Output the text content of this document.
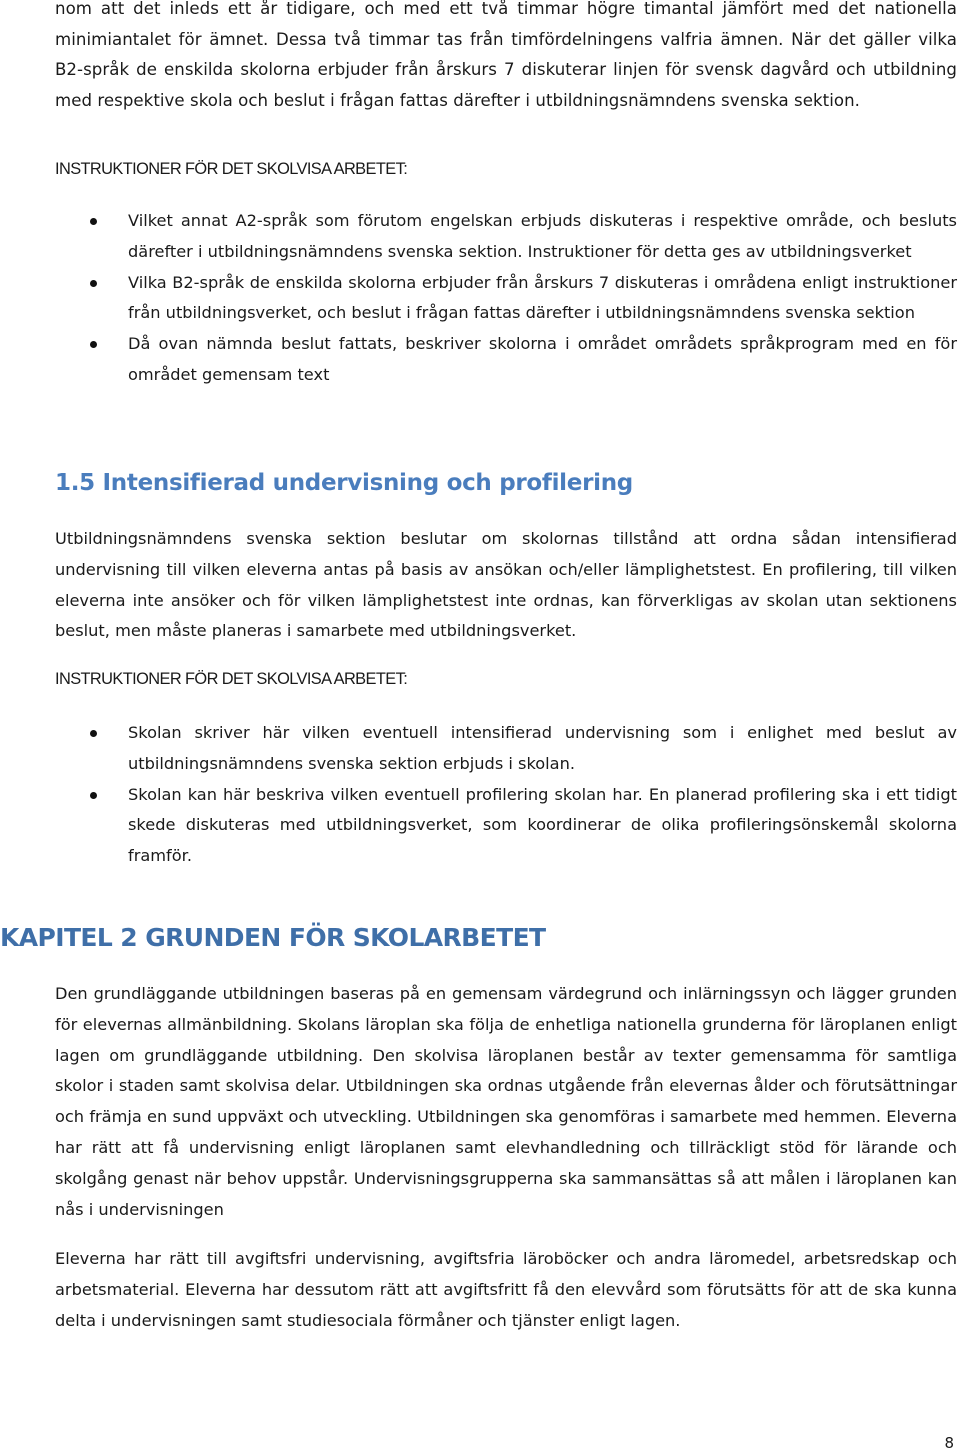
nom att det inleds ett år tidigare, och med ett två timmar högre timantal jämfört med det nationella minimiantalet för ämnet. Dessa två timmar tas från timfördelningens valfria ämnen. När det gäller vilka B2-språk de enskilda skolorna erbjuder från årskurs 7 diskuterar linjen för svensk dagvård och utbildning med respektive skola och beslut i frågan fattas därefter i utbildningsnämndens svenska sektion.

INSTRUKTIONER FÖR DET SKOLVISA ARBETET:

Vilket annat A2-språk som förutom engelskan erbjuds diskuteras i respektive område, och besluts därefter i utbildningsnämndens svenska sektion. Instruktioner för detta ges av utbildningsverket
Vilka B2-språk de enskilda skolorna erbjuder från årskurs 7 diskuteras i områdena enligt instruktioner från utbildningsverket, och beslut i frågan fattas därefter i utbildningsnämndens svenska sektion
Då ovan nämnda beslut fattats, beskriver skolorna i området områdets språkprogram med en för området gemensam text
1.5 Intensifierad undervisning och profilering

Utbildningsnämndens svenska sektion beslutar om skolornas tillstånd att ordna sådan intensifierad undervisning till vilken eleverna antas på basis av ansökan och/eller lämplighetstest. En profilering, till vilken eleverna inte ansöker och för vilken lämplighetstest inte ordnas, kan förverkligas av skolan utan sektionens beslut, men måste planeras i samarbete med utbildningsverket.

INSTRUKTIONER FÖR DET SKOLVISA ARBETET:

Skolan skriver här vilken eventuell intensifierad undervisning som i enlighet med beslut av utbildningsnämndens svenska sektion erbjuds i skolan.
Skolan kan här beskriva vilken eventuell profilering skolan har. En planerad profilering ska i ett tidigt skede diskuteras med utbildningsverket, som koordinerar de olika profileringsönskemål skolorna framför.
KAPITEL 2 GRUNDEN FÖR SKOLARBETET

Den grundläggande utbildningen baseras på en gemensam värdegrund och inlärningssyn och lägger grunden för elevernas allmänbildning. Skolans läroplan ska följa de enhetliga nationella grunderna för läroplanen enligt lagen om grundläggande utbildning. Den skolvisa läroplanen består av texter gemensamma för samtliga skolor i staden samt skolvisa delar. Utbildningen ska ordnas utgående från elevernas ålder och förutsättningar och främja en sund uppväxt och utveckling. Utbildningen ska genomföras i samarbete med hemmen. Eleverna har rätt att få undervisning enligt läroplanen samt elevhandledning och tillräckligt stöd för lärande och skolgång genast när behov uppstår. Undervisningsgrupperna ska sammansättas så att målen i läroplanen kan nås i undervisningen

Eleverna har rätt till avgiftsfri undervisning, avgiftsfria läroböcker och andra läromedel, arbetsredskap och arbetsmaterial. Eleverna har dessutom rätt att avgiftsfritt få den elevvård som förutsätts för att de ska kunna delta i undervisningen samt studiesociala förmåner och tjänster enligt lagen.

8
